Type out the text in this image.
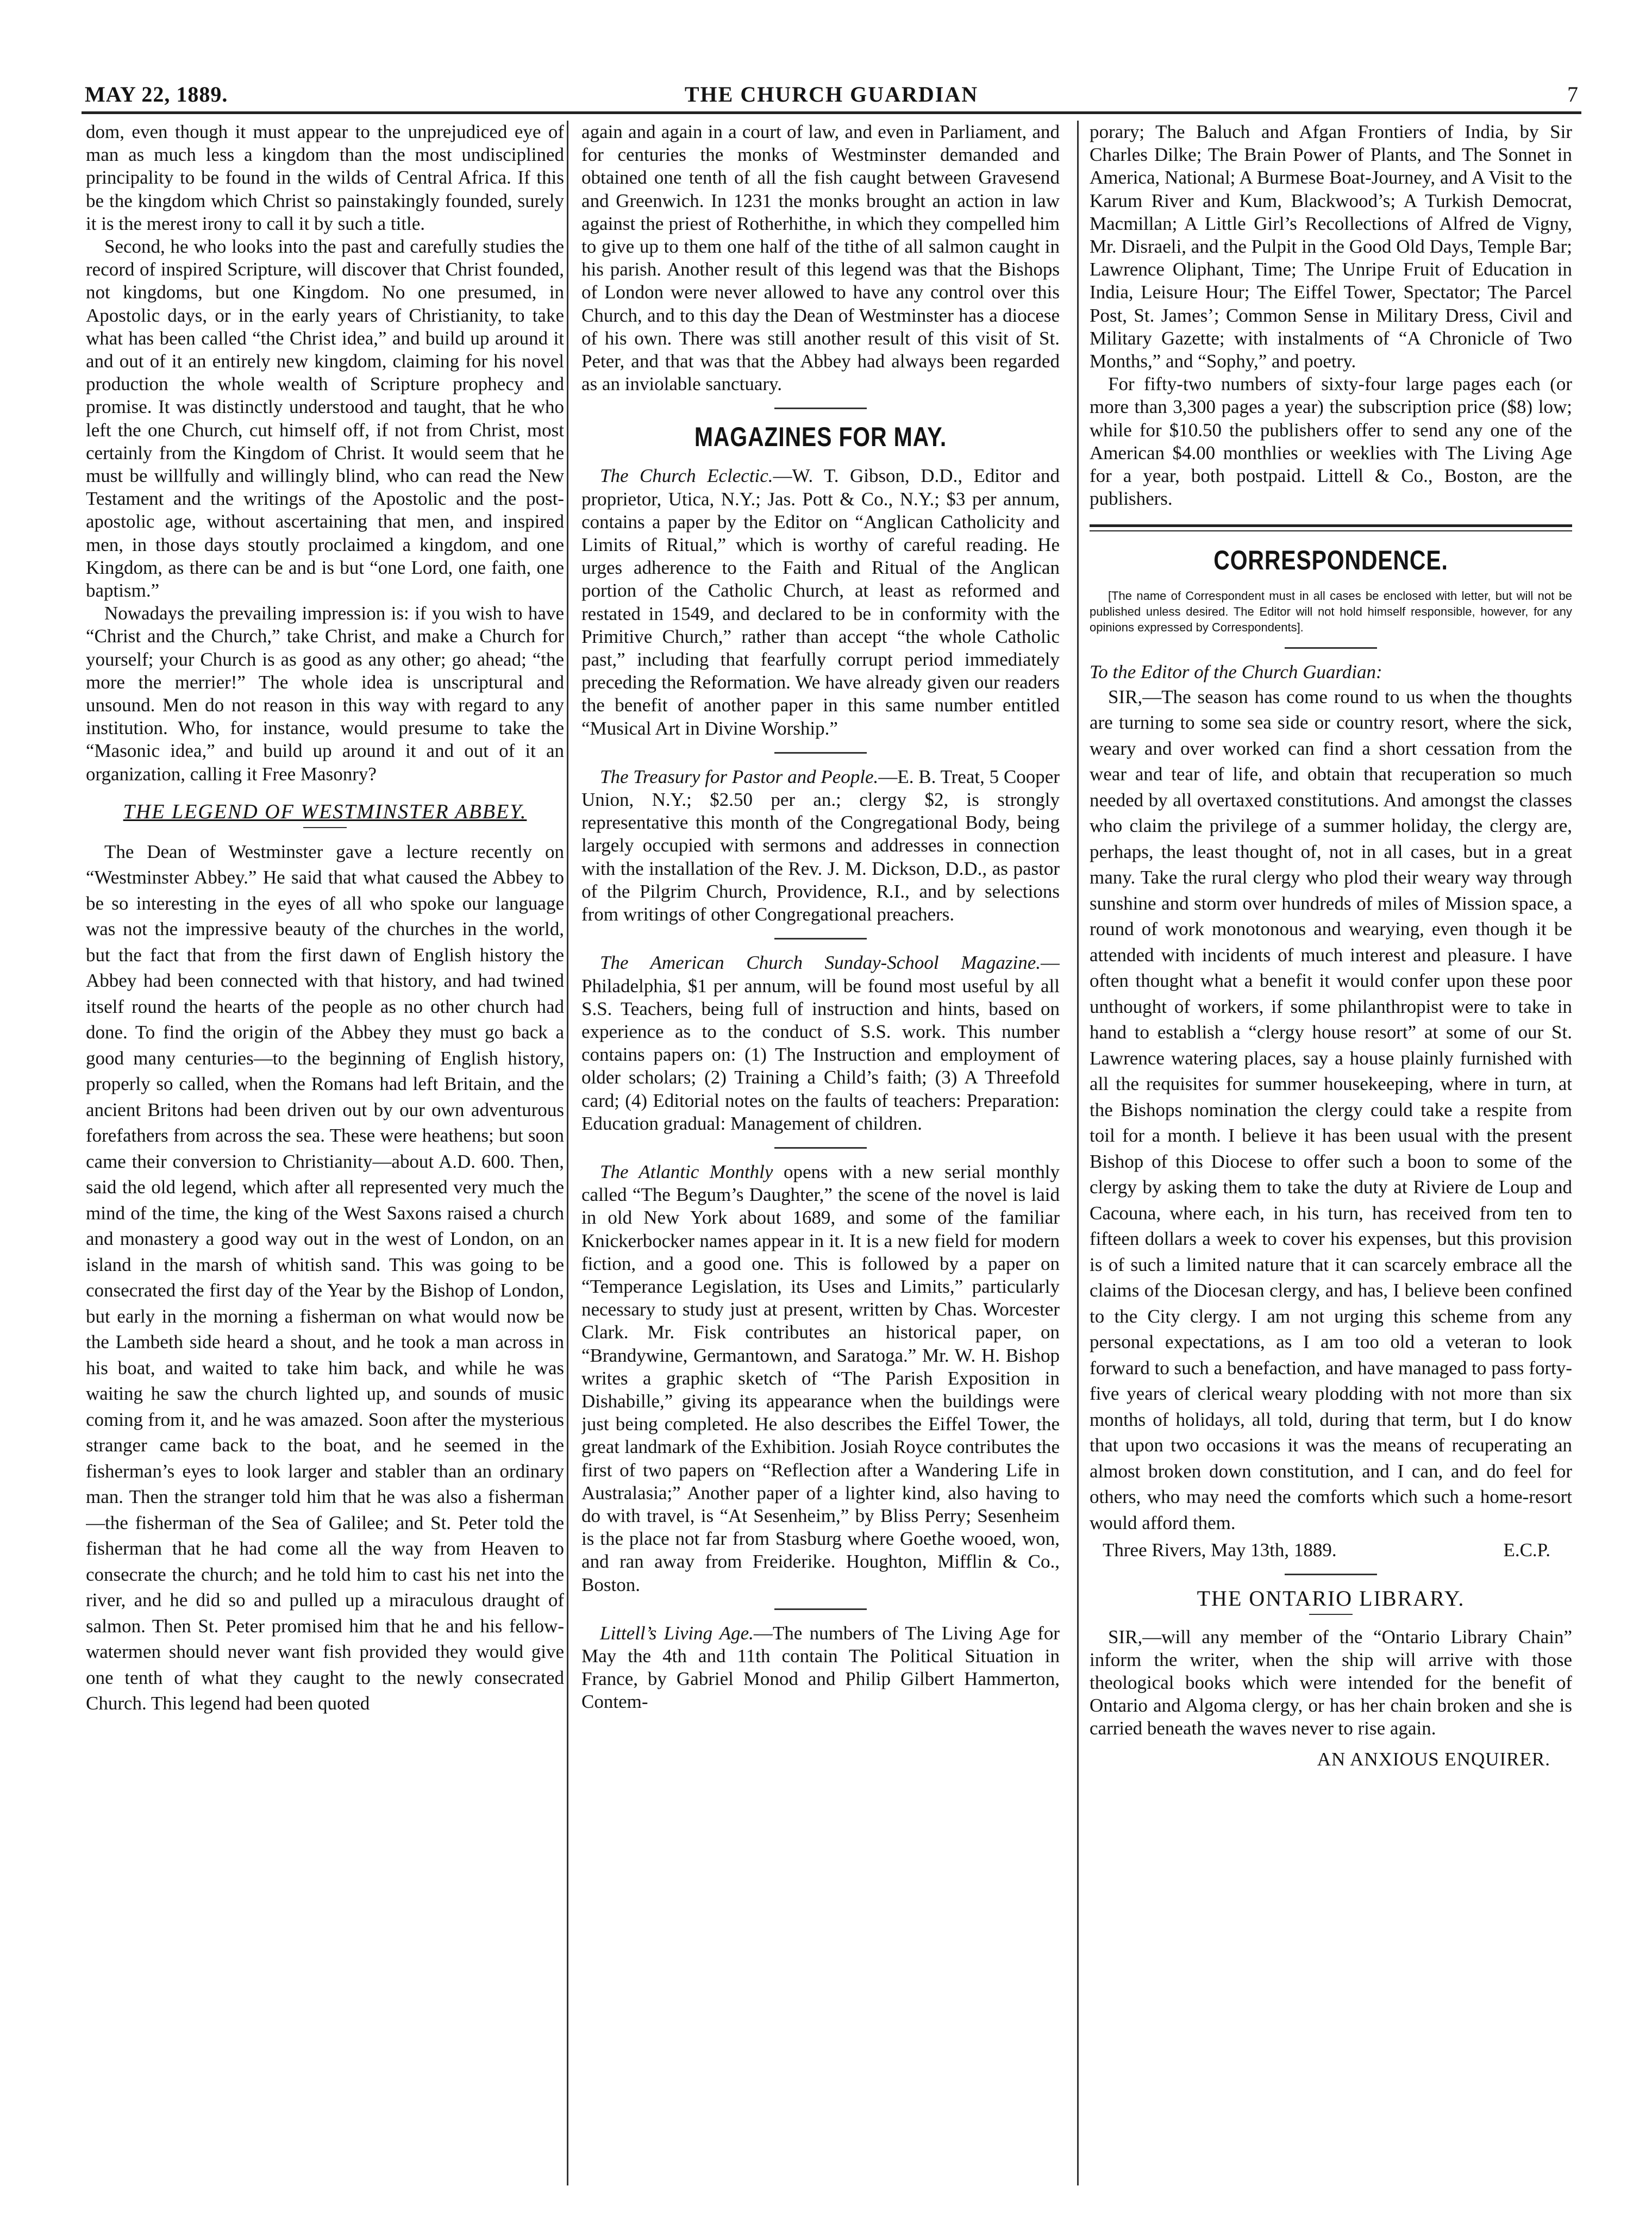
MAY 22, 1889.	THE CHURCH GUARDIAN	7

dom, even though it must appear to the unprejudiced eye of man as much less a kingdom than the most undisciplined principality to be found in the wilds of Central Africa. If this be the kingdom which Christ so painstakingly founded, surely it is the merest irony to call it by such a title.

Second, he who looks into the past and carefully studies the record of inspired Scripture, will discover that Christ founded, not kingdoms, but one Kingdom. No one presumed, in Apostolic days, or in the early years of Christianity, to take what has been called “the Christ idea,” and build up around it and out of it an entirely new kingdom, claiming for his novel production the whole wealth of Scripture prophecy and promise. It was distinctly understood and taught, that he who left the one Church, cut himself off, if not from Christ, most certainly from the Kingdom of Christ. It would seem that he must be willfully and willingly blind, who can read the New Testament and the writings of the Apostolic and the post-apostolic age, without ascertaining that men, and inspired men, in those days stoutly proclaimed a kingdom, and one Kingdom, as there can be and is but “one Lord, one faith, one baptism.”

Nowadays the prevailing impression is: if you wish to have “Christ and the Church,” take Christ, and make a Church for yourself; your Church is as good as any other; go ahead; “the more the merrier!” The whole idea is unscriptural and unsound. Men do not reason in this way with regard to any institution. Who, for instance, would presume to take the “Masonic idea,” and build up around it and out of it an organization, calling it Free Masonry?

THE LEGEND OF WESTMINSTER ABBEY.

The Dean of Westminster gave a lecture recently on “Westminster Abbey.” He said that what caused the Abbey to be so interesting in the eyes of all who spoke our language was not the impressive beauty of the churches in the world, but the fact that from the first dawn of English history the Abbey had been connected with that history, and had twined itself round the hearts of the people as no other church had done. To find the origin of the Abbey they must go back a good many centuries—to the beginning of English history, properly so called, when the Romans had left Britain, and the ancient Britons had been driven out by our own adventurous forefathers from across the sea. These were heathens; but soon came their conversion to Christianity—about A.D. 600. Then, said the old legend, which after all represented very much the mind of the time, the king of the West Saxons raised a church and monastery a good way out in the west of London, on an island in the marsh of whitish sand. This was going to be consecrated the first day of the Year by the Bishop of London, but early in the morning a fisherman on what would now be the Lambeth side heard a shout, and he took a man across in his boat, and waited to take him back, and while he was waiting he saw the church lighted up, and sounds of music coming from it, and he was amazed. Soon after the mysterious stranger came back to the boat, and he seemed in the fisherman’s eyes to look larger and stabler than an ordinary man. Then the stranger told him that he was also a fisherman—the fisherman of the Sea of Galilee; and St. Peter told the fisherman that he had come all the way from Heaven to consecrate the church; and he told him to cast his net into the river, and he did so and pulled up a miraculous draught of salmon. Then St. Peter promised him that he and his fellow-watermen should never want fish provided they would give one tenth of what they caught to the newly consecrated Church. This legend had been quoted

again and again in a court of law, and even in Parliament, and for centuries the monks of Westminster demanded and obtained one tenth of all the fish caught between Gravesend and Greenwich. In 1231 the monks brought an action in law against the priest of Rotherhithe, in which they compelled him to give up to them one half of the tithe of all salmon caught in his parish. Another result of this legend was that the Bishops of London were never allowed to have any control over this Church, and to this day the Dean of Westminster has a diocese of his own. There was still another result of this visit of St. Peter, and that was that the Abbey had always been regarded as an inviolable sanctuary.

MAGAZINES FOR MAY.

The Church Eclectic.—W. T. Gibson, D.D., Editor and proprietor, Utica, N.Y.; Jas. Pott & Co., N.Y.; $3 per annum, contains a paper by the Editor on “Anglican Catholicity and Limits of Ritual,” which is worthy of careful reading. He urges adherence to the Faith and Ritual of the Anglican portion of the Catholic Church, at least as reformed and restated in 1549, and declared to be in conformity with the Primitive Church,” rather than accept “the whole Catholic past,” including that fearfully corrupt period immediately preceding the Reformation. We have already given our readers the benefit of another paper in this same number entitled “Musical Art in Divine Worship.”

The Treasury for Pastor and People.—E. B. Treat, 5 Cooper Union, N.Y.; $2.50 per an.; clergy $2, is strongly representative this month of the Congregational Body, being largely occupied with sermons and addresses in connection with the installation of the Rev. J. M. Dickson, D.D., as pastor of the Pilgrim Church, Providence, R.I., and by selections from writings of other Congregational preachers.

The American Church Sunday-School Magazine.—Philadelphia, $1 per annum, will be found most useful by all S.S. Teachers, being full of instruction and hints, based on experience as to the conduct of S.S. work. This number contains papers on: (1) The Instruction and employment of older scholars; (2) Training a Child’s faith; (3) A Threefold card; (4) Editorial notes on the faults of teachers: Preparation: Education gradual: Management of children.

The Atlantic Monthly opens with a new serial monthly called “The Begum’s Daughter,” the scene of the novel is laid in old New York about 1689, and some of the familiar Knickerbocker names appear in it. It is a new field for modern fiction, and a good one. This is followed by a paper on “Temperance Legislation, its Uses and Limits,” particularly necessary to study just at present, written by Chas. Worcester Clark. Mr. Fisk contributes an historical paper, on “Brandywine, Germantown, and Saratoga.” Mr. W. H. Bishop writes a graphic sketch of “The Parish Exposition in Dishabille,” giving its appearance when the buildings were just being completed. He also describes the Eiffel Tower, the great landmark of the Exhibition. Josiah Royce contributes the first of two papers on “Reflection after a Wandering Life in Australasia;” Another paper of a lighter kind, also having to do with travel, is “At Sesenheim,” by Bliss Perry; Sesenheim is the place not far from Stasburg where Goethe wooed, won, and ran away from Freiderike. Houghton, Mifflin & Co., Boston.

Littell’s Living Age.—The numbers of The Living Age for May the 4th and 11th contain The Political Situation in France, by Gabriel Monod and Philip Gilbert Hammerton, Contem-

porary; The Baluch and Afgan Frontiers of India, by Sir Charles Dilke; The Brain Power of Plants, and The Sonnet in America, National; A Burmese Boat-Journey, and A Visit to the Karum River and Kum, Blackwood’s; A Turkish Democrat, Macmillan; A Little Girl’s Recollections of Alfred de Vigny, Mr. Disraeli, and the Pulpit in the Good Old Days, Temple Bar; Lawrence Oliphant, Time; The Unripe Fruit of Education in India, Leisure Hour; The Eiffel Tower, Spectator; The Parcel Post, St. James’; Common Sense in Military Dress, Civil and Military Gazette; with instalments of “A Chronicle of Two Months,” and “Sophy,” and poetry.

For fifty-two numbers of sixty-four large pages each (or more than 3,300 pages a year) the subscription price ($8) low; while for $10.50 the publishers offer to send any one of the American $4.00 monthlies or weeklies with The Living Age for a year, both postpaid. Littell & Co., Boston, are the publishers.

CORRESPONDENCE.

[The name of Correspondent must in all cases be enclosed with letter, but will not be published unless desired. The Editor will not hold himself responsible, however, for any opinions expressed by Correspondents].

To the Editor of the Church Guardian:

SIR,—The season has come round to us when the thoughts are turning to some sea side or country resort, where the sick, weary and over worked can find a short cessation from the wear and tear of life, and obtain that recuperation so much needed by all overtaxed constitutions. And amongst the classes who claim the privilege of a summer holiday, the clergy are, perhaps, the least thought of, not in all cases, but in a great many. Take the rural clergy who plod their weary way through sunshine and storm over hundreds of miles of Mission space, a round of work monotonous and wearying, even though it be attended with incidents of much interest and pleasure. I have often thought what a benefit it would confer upon these poor unthought of workers, if some philanthropist were to take in hand to establish a “clergy house resort” at some of our St. Lawrence watering places, say a house plainly furnished with all the requisites for summer housekeeping, where in turn, at the Bishops nomination the clergy could take a respite from toil for a month. I believe it has been usual with the present Bishop of this Diocese to offer such a boon to some of the clergy by asking them to take the duty at Riviere de Loup and Cacouna, where each, in his turn, has received from ten to fifteen dollars a week to cover his expenses, but this provision is of such a limited nature that it can scarcely embrace all the claims of the Diocesan clergy, and has, I believe been confined to the City clergy. I am not urging this scheme from any personal expectations, as I am too old a veteran to look forward to such a benefaction, and have managed to pass forty-five years of clerical weary plodding with not more than six months of holidays, all told, during that term, but I do know that upon two occasions it was the means of recuperating an almost broken down constitution, and I can, and do feel for others, who may need the comforts which such a home-resort would afford them.

Three Rivers, May 13th, 1889.	E.C.P.
THE ONTARIO LIBRARY.

SIR,—will any member of the “Ontario Library Chain” inform the writer, when the ship will arrive with those theological books which were intended for the benefit of Ontario and Algoma clergy, or has her chain broken and she is carried beneath the waves never to rise again.

AN ANXIOUS ENQUIRER.
